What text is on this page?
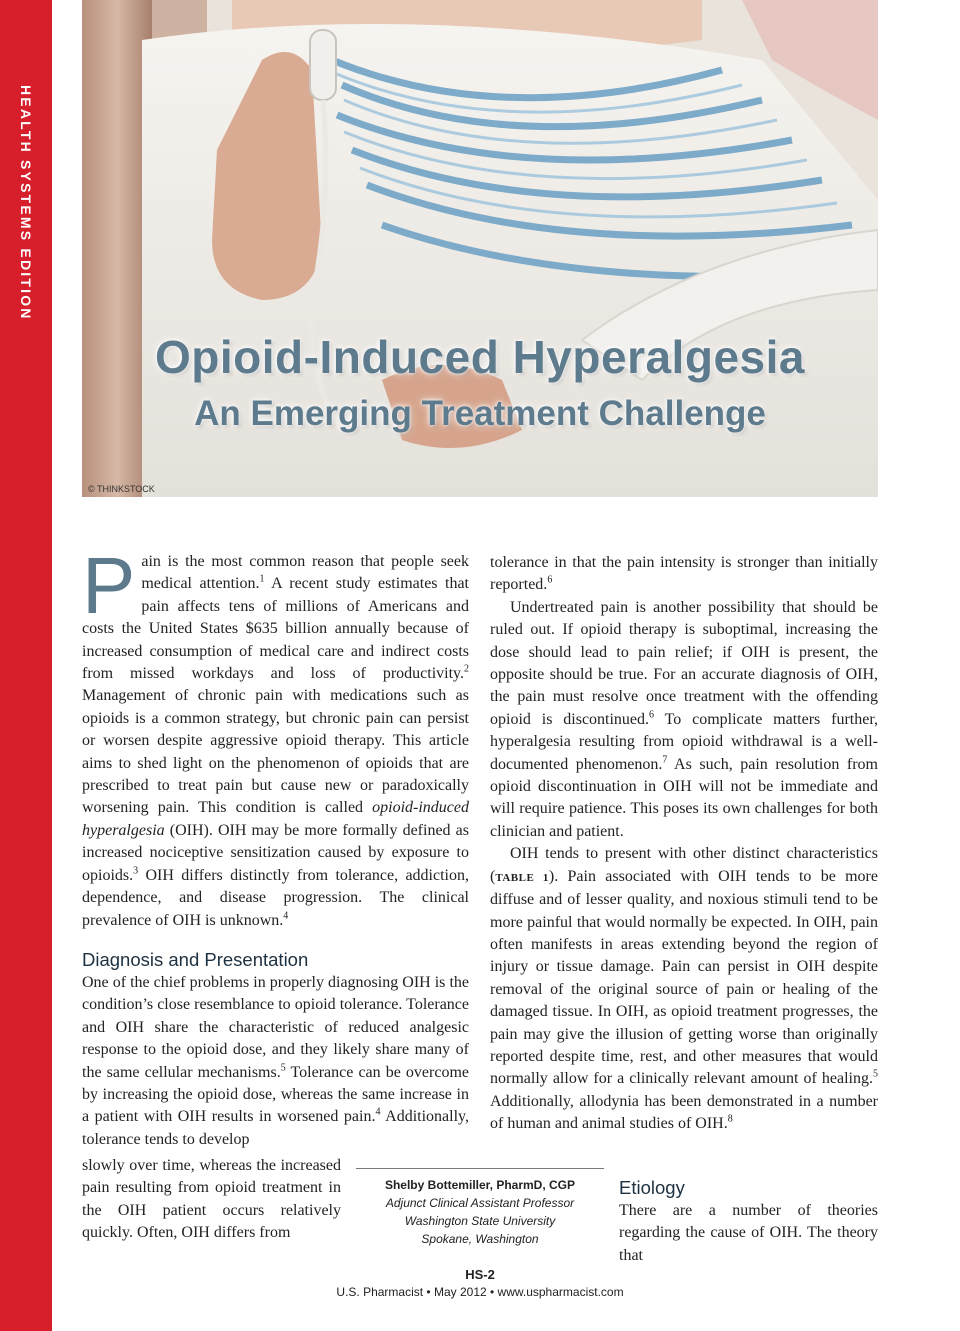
HEALTH SYSTEMS EDITION
Opioid-Induced Hyperalgesia
An Emerging Treatment Challenge
© THINKSTOCK

Pain is the most common reason that people seek medical attention.$^1$ A recent study estimates that pain affects tens of millions of Americans and costs the United States $635 billion annually because of increased consumption of medical care and indirect costs from missed workdays and loss of productivity.$^2$ Management of chronic pain with medications such as opioids is a common strategy, but chronic pain can persist or worsen despite aggressive opioid therapy. This article aims to shed light on the phenomenon of opioids that are prescribed to treat pain but cause new or paradoxically worsening pain. This condition is called opioid-induced hyperalgesia (OIH). OIH may be more formally defined as increased nociceptive sensitization caused by exposure to opioids.$^3$ OIH differs distinctly from tolerance, addiction, dependence, and disease progression. The clinical prevalence of OIH is unknown.$^4$

Diagnosis and Presentation

One of the chief problems in properly diagnosing OIH is the condition’s close resemblance to opioid tolerance. Tolerance and OIH share the characteristic of reduced analgesic response to the opioid dose, and they likely share many of the same cellular mechanisms.$^5$ Tolerance can be overcome by increasing the opioid dose, whereas the same increase in a patient with OIH results in worsened pain.$^4$ Additionally, tolerance tends to develop

slowly over time, whereas the increased pain resulting from opioid treatment in the OIH patient occurs relatively quickly. Often, OIH differs from

Shelby Bottemiller, PharmD, CGP
Adjunct Clinical Assistant Professor
Washington State University
Spokane, Washington

tolerance in that the pain intensity is stronger than initially reported.$^6$

Undertreated pain is another possibility that should be ruled out. If opioid therapy is suboptimal, increasing the dose should lead to pain relief; if OIH is present, the opposite should be true. For an accurate diagnosis of OIH, the pain must resolve once treatment with the offending opioid is discontinued.$^6$ To complicate matters further, hyperalgesia resulting from opioid withdrawal is a well-documented phenomenon.$^7$ As such, pain resolution from opioid discontinuation in OIH will not be immediate and will require patience. This poses its own challenges for both clinician and patient.

OIH tends to present with other distinct characteristics (TABLE 1). Pain associated with OIH tends to be more diffuse and of lesser quality, and noxious stimuli tend to be more painful that would normally be expected. In OIH, pain often manifests in areas extending beyond the region of injury or tissue damage. Pain can persist in OIH despite removal of the original source of pain or healing of the damaged tissue. In OIH, as opioid treatment progresses, the pain may give the illusion of getting worse than originally reported despite time, rest, and other measures that would normally allow for a clinically relevant amount of healing.$^5$ Additionally, allodynia has been demonstrated in a number of human and animal studies of OIH.$^8$

Etiology

There are a number of theories regarding the cause of OIH. The theory that

HS-2
U.S. Pharmacist • May 2012 • www.uspharmacist.com
